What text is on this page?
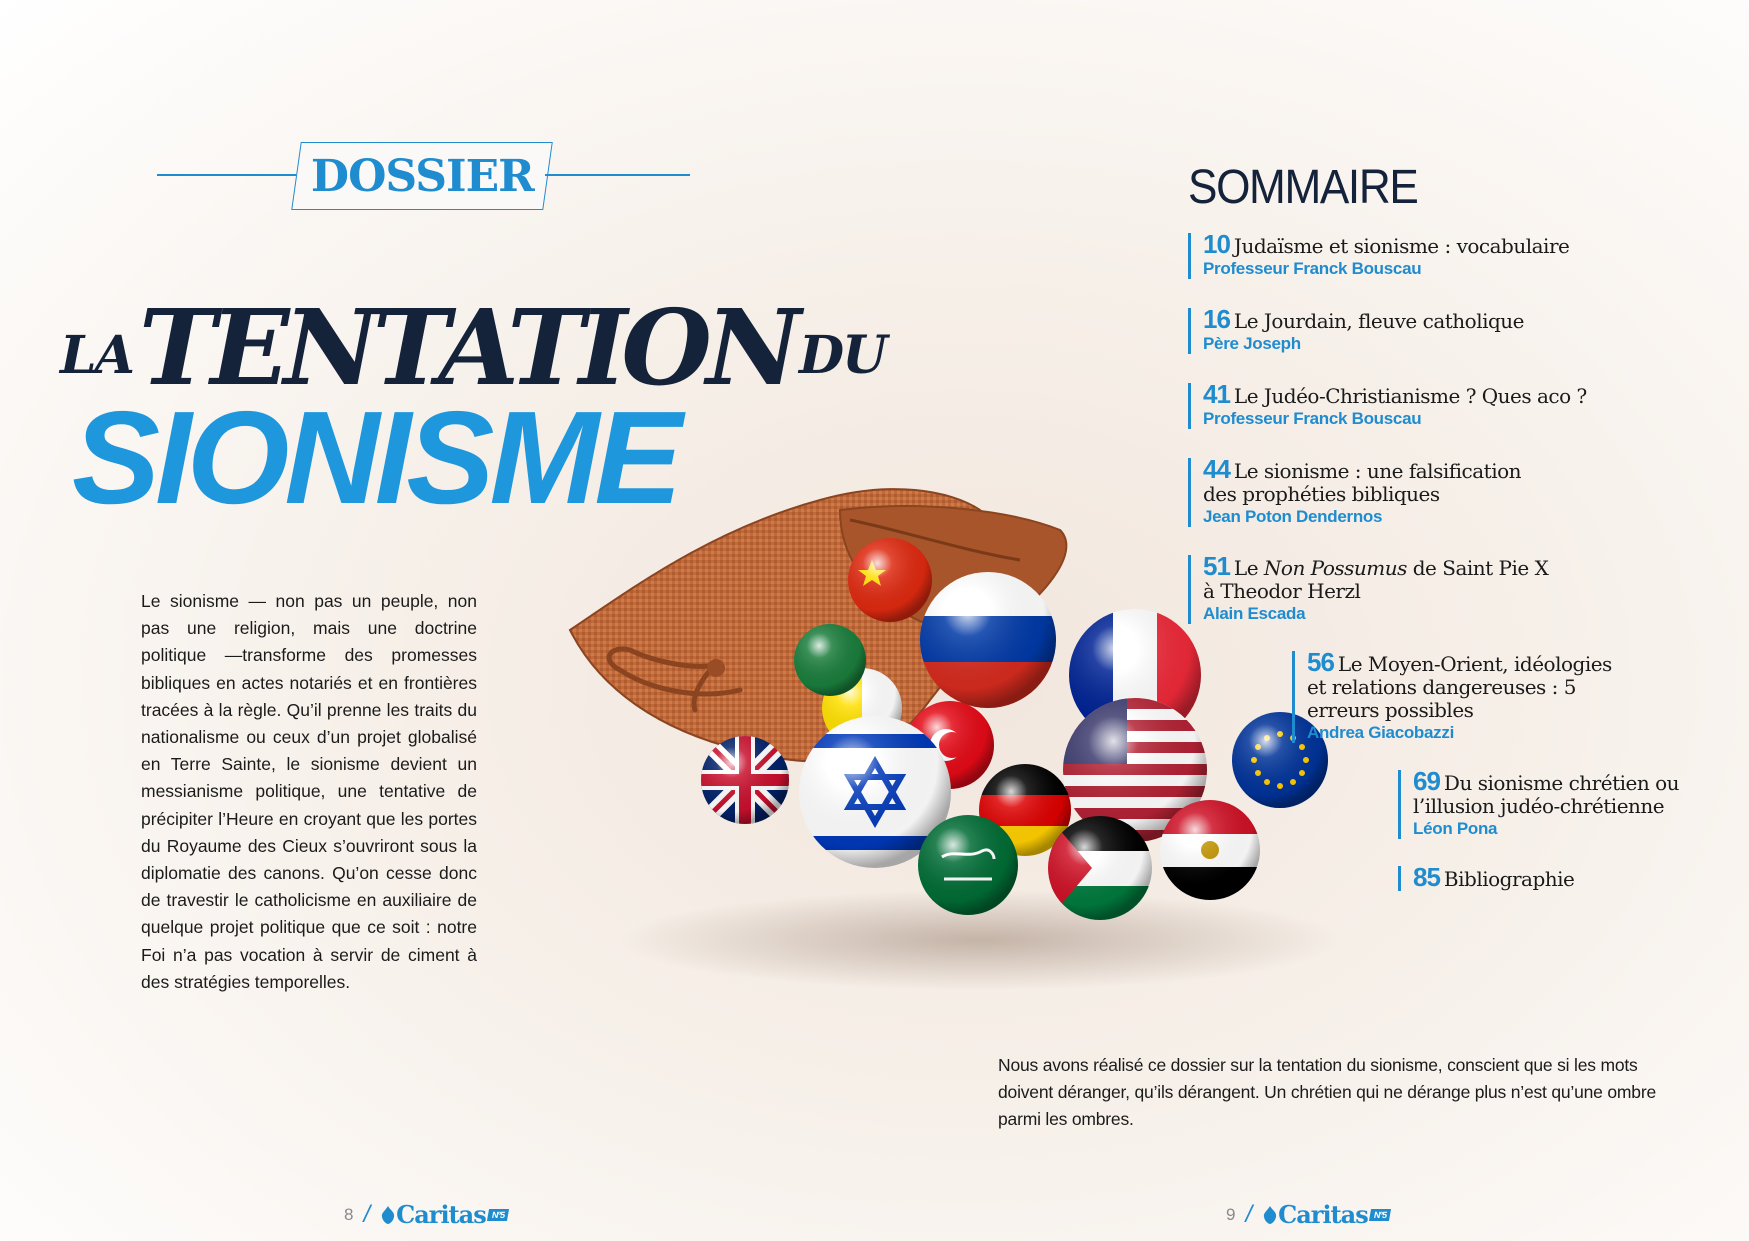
DOSSIER
LA TENTATION DU
SIONISME

Le sionisme — non pas un peuple, non pas une religion, mais une doctrine politique —transforme des promesses bibliques en actes notariés et en frontières tracées à la règle. Qu’il prenne les traits du nationalisme ou ceux d’un projet globalisé en Terre Sainte, le sionisme devient un messianisme politique, une tentative de précipiter l’Heure en croyant que les portes du Royaume des Cieux s’ouvriront sous la diplomatie des canons. Qu’on cesse donc de travestir le catholicisme en auxiliaire de quelque projet politique que ce soit : notre Foi n’a pas vocation à servir de ciment à des stratégies temporelles.

SOMMAIRE
10 Judaïsme et sionisme : vocabulaire
Professeur Franck Bouscau
16 Le Jourdain, fleuve catholique
Père Joseph
41 Le Judéo-Christianisme ? Ques aco ?
Professeur Franck Bouscau
44 Le sionisme : une falsification
des prophéties bibliques
Jean Poton Dendernos
51 Le Non Possumus de Saint Pie X
à Theodor Herzl
Alain Escada
56 Le Moyen-Orient, idéologies
et relations dangereuses : 5
erreurs possibles
Andrea Giacobazzi
69 Du sionisme chrétien ou
l’illusion judéo-chrétienne
Léon Pona
85 Bibliographie

Nous avons réalisé ce dossier sur la tentation du sionisme, conscient que si les mots doivent déranger, qu’ils dérangent. Un chrétien qui ne dérange plus n’est qu’une ombre parmi les ombres.

8 / Caritas N°5	9 / Caritas N°5
